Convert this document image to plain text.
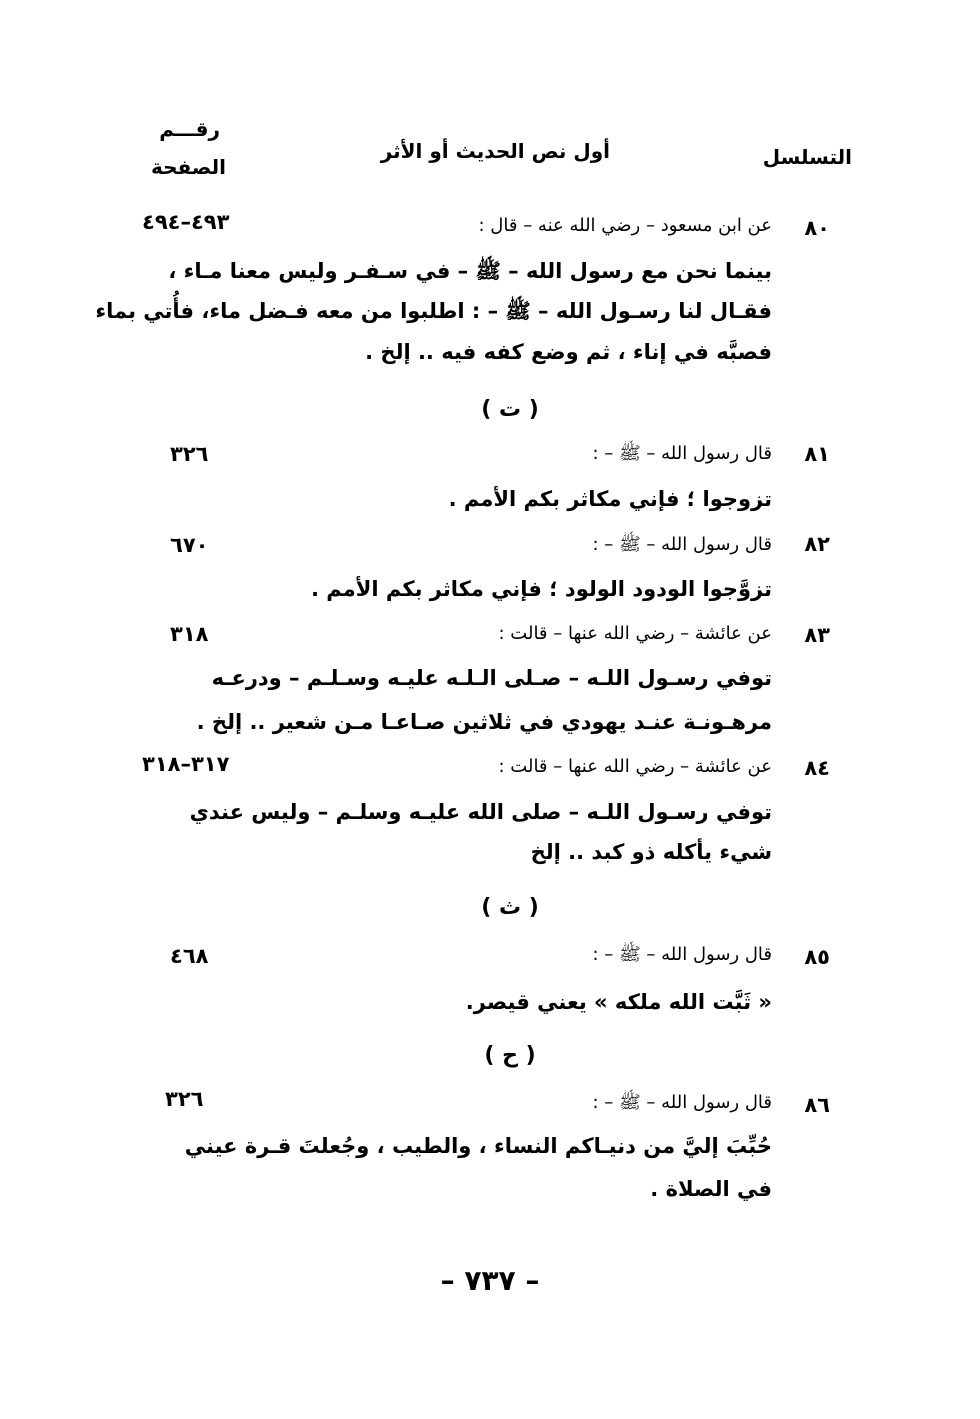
التسلسل
أول نص الحديث أو الأثر
رقـــم
الصفحة
٨٠
عن ابن مسعود – رضي الله عنه – قال :
٤٩٣–٤٩٤
بينما نحن مع رسول الله – ﷺ – في سـفـر وليس معنا مـاء ،
فقـال لنا رسـول الله – ﷺ – : اطلبوا من معه فـضل ماء، فأُتي بماء
فصبَّه في إناء ، ثم وضع كفه فيه .. إلخ .
( ت )
٨١
قال رسول الله – ﷺ – :
٣٢٦
تزوجوا ؛ فإني مكاثر بكم الأمم .
٨٢
قال رسول الله – ﷺ – :
٦٧٠
تزوَّجوا الودود الولود ؛ فإني مكاثر بكم الأمم .
٨٣
عن عائشة – رضي الله عنها – قالت :
٣١٨
توفي رسـول اللـه – صـلى الـلـه عليـه وسـلـم – ودرعـه
مرهـونـة عنـد يهودي في ثلاثين صـاعـا مـن شعير .. إلخ .
٨٤
عن عائشة – رضي الله عنها – قالت :
٣١٧–٣١٨
توفي رسـول اللـه – صلى الله عليـه وسلـم – وليس عندي
شيء يأكله ذو كبد .. إلخ
( ث )
٨٥
قال رسول الله – ﷺ – :
٤٦٨
« ثَبَّت الله ملكه » يعني قيصر.
( ح )
٨٦
قال رسول الله – ﷺ – :
٣٢٦
حُبِّبَ إليَّ من دنيـاكم النساء ، والطيب ، وجُعلتَ قـرة عيني
في الصلاة .
– ٧٣٧ –
